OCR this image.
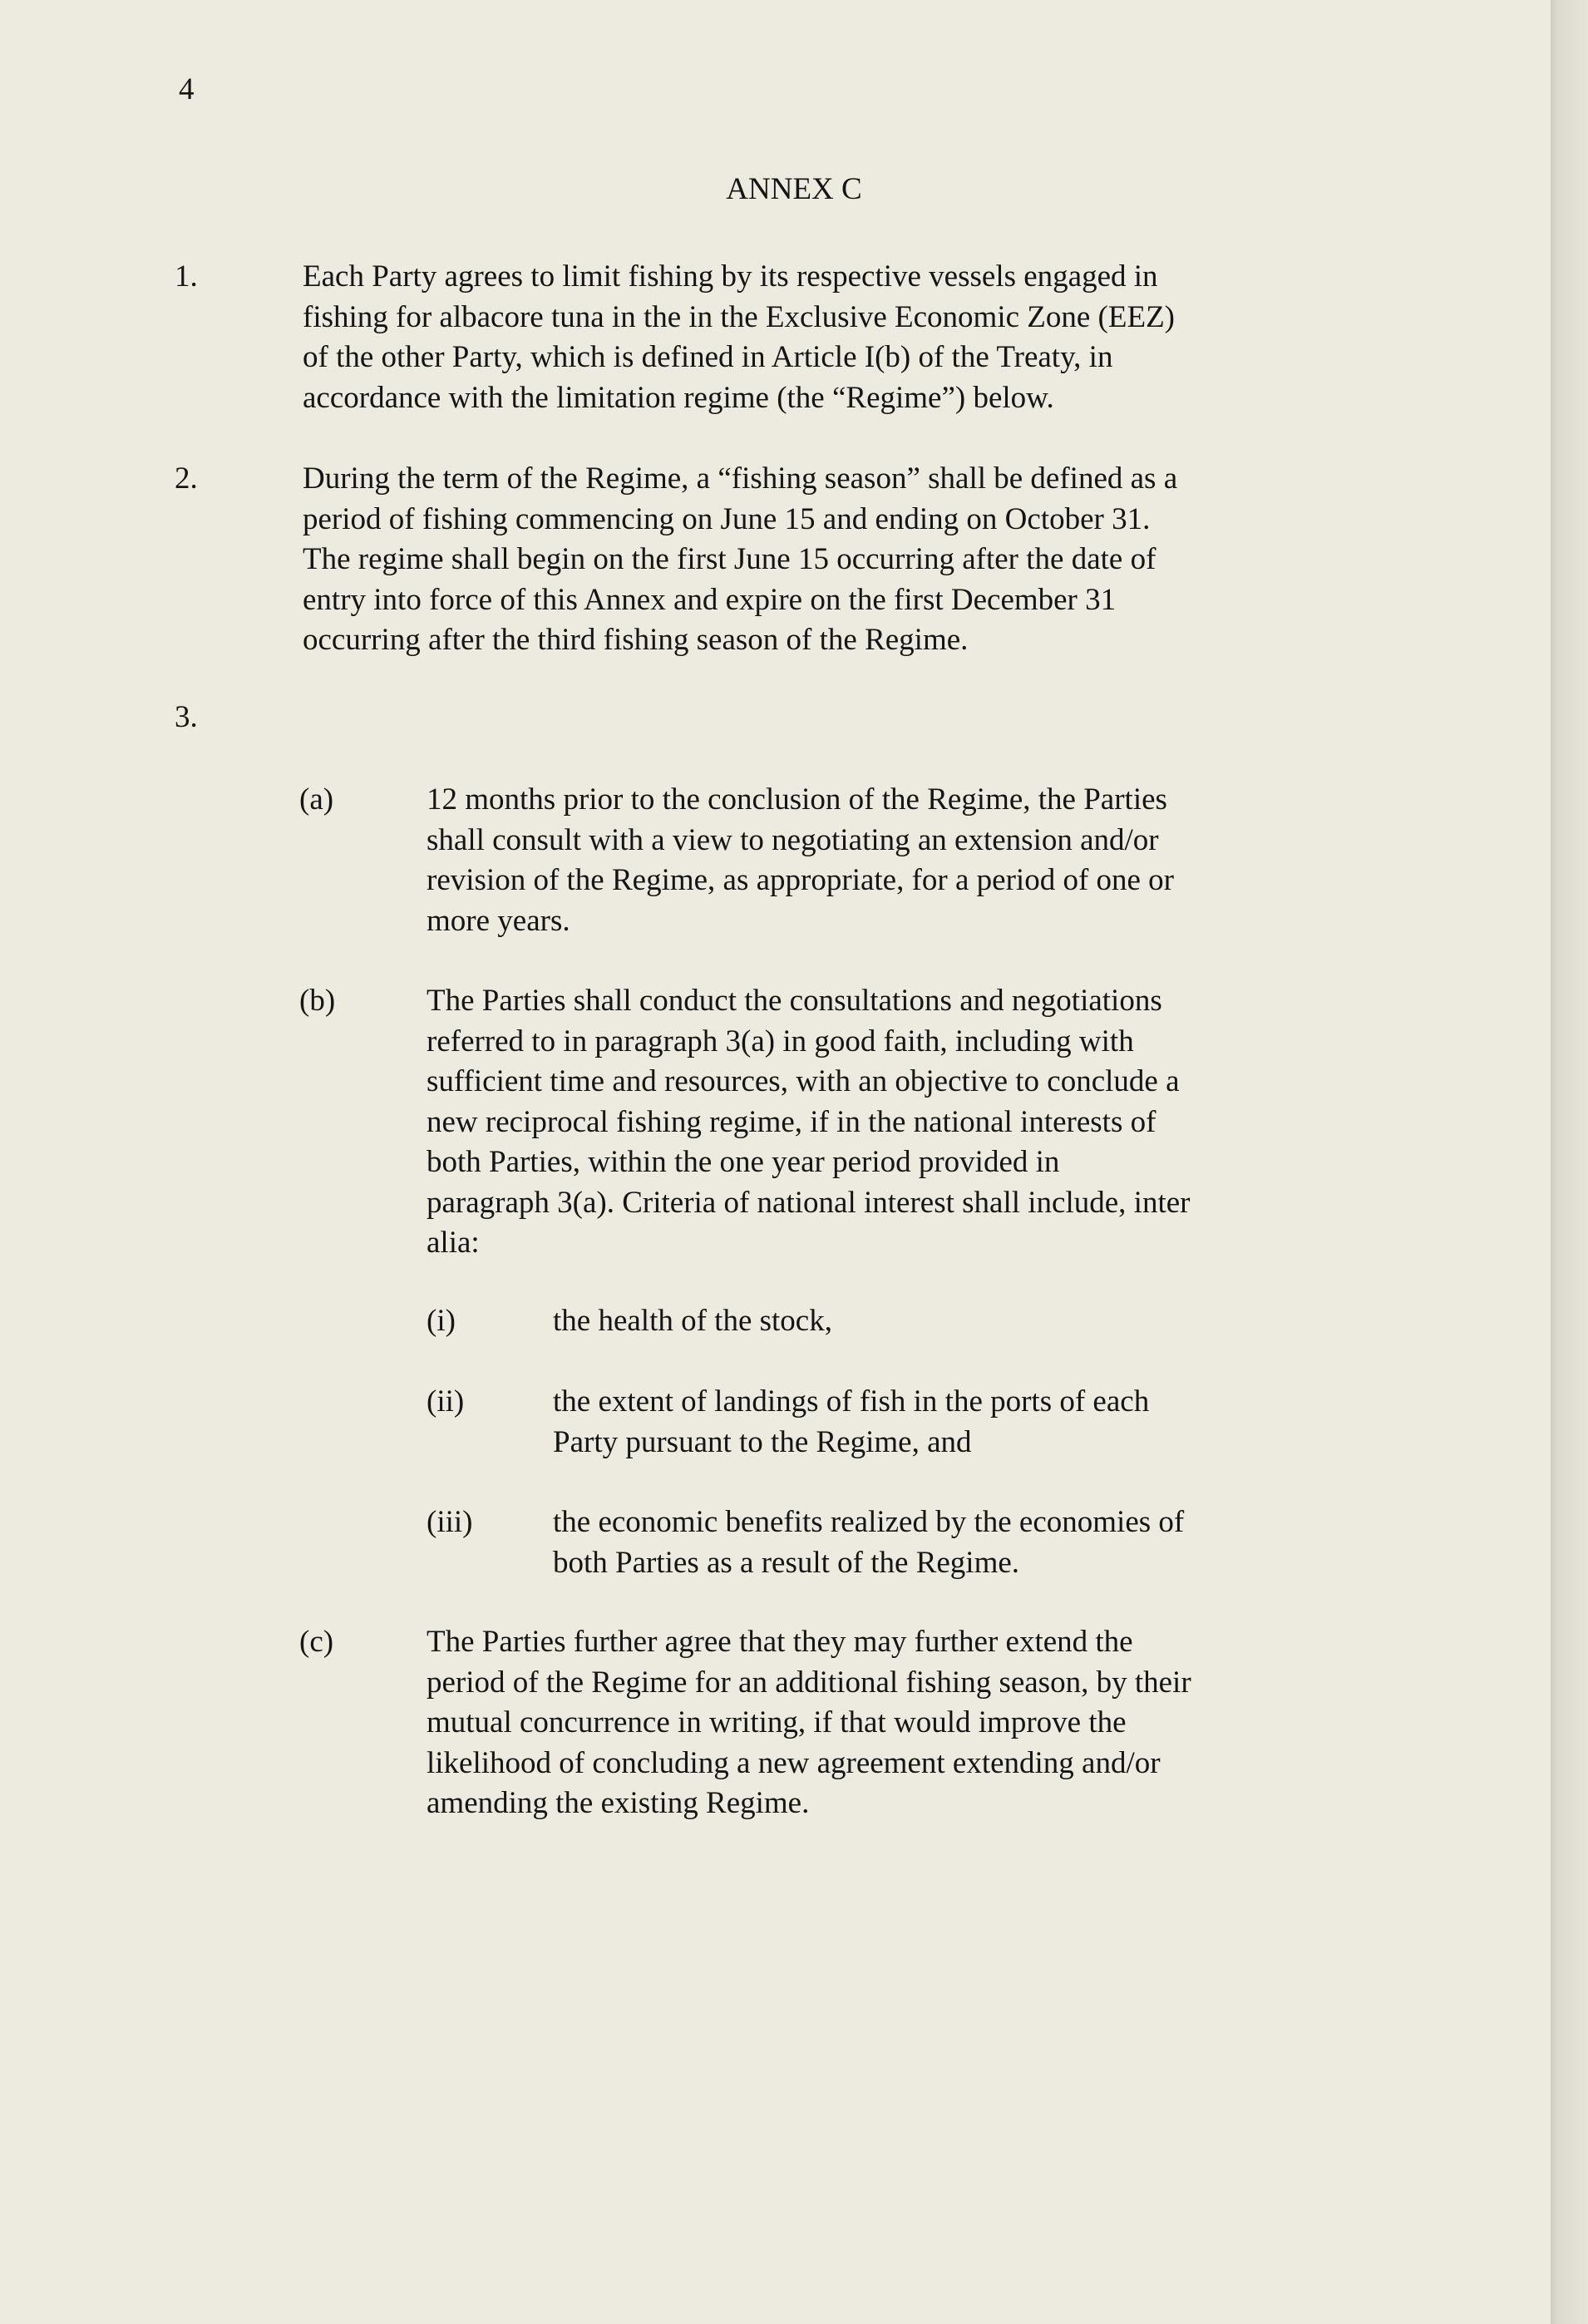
4
ANNEX C
1.	Each Party agrees to limit fishing by its respective vessels engaged in
fishing for albacore tuna in the in the Exclusive Economic Zone (EEZ)
of the other Party, which is defined in Article I(b) of the Treaty, in
accordance with the limitation regime (the “Regime”) below.
2.	During the term of the Regime, a “fishing season” shall be defined as a
period of fishing commencing on June 15 and ending on October 31.
The regime shall begin on the first June 15 occurring after the date of
entry into force of this Annex and expire on the first December 31
occurring after the third fishing season of the Regime.
3.
(a)	12 months prior to the conclusion of the Regime, the Parties
shall consult with a view to negotiating an extension and/or
revision of the Regime, as appropriate, for a period of one or
more years.
(b)	The Parties shall conduct the consultations and negotiations
referred to in paragraph 3(a) in good faith, including with
sufficient time and resources, with an objective to conclude a
new reciprocal fishing regime, if in the national interests of
both Parties, within the one year period provided in
paragraph 3(a). Criteria of national interest shall include, inter
alia:
(i)	the health of the stock,
(ii)	the extent of landings of fish in the ports of each
Party pursuant to the Regime, and
(iii)	the economic benefits realized by the economies of
both Parties as a result of the Regime.
(c)	The Parties further agree that they may further extend the
period of the Regime for an additional fishing season, by their
mutual concurrence in writing, if that would improve the
likelihood of concluding a new agreement extending and/or
amending the existing Regime.
